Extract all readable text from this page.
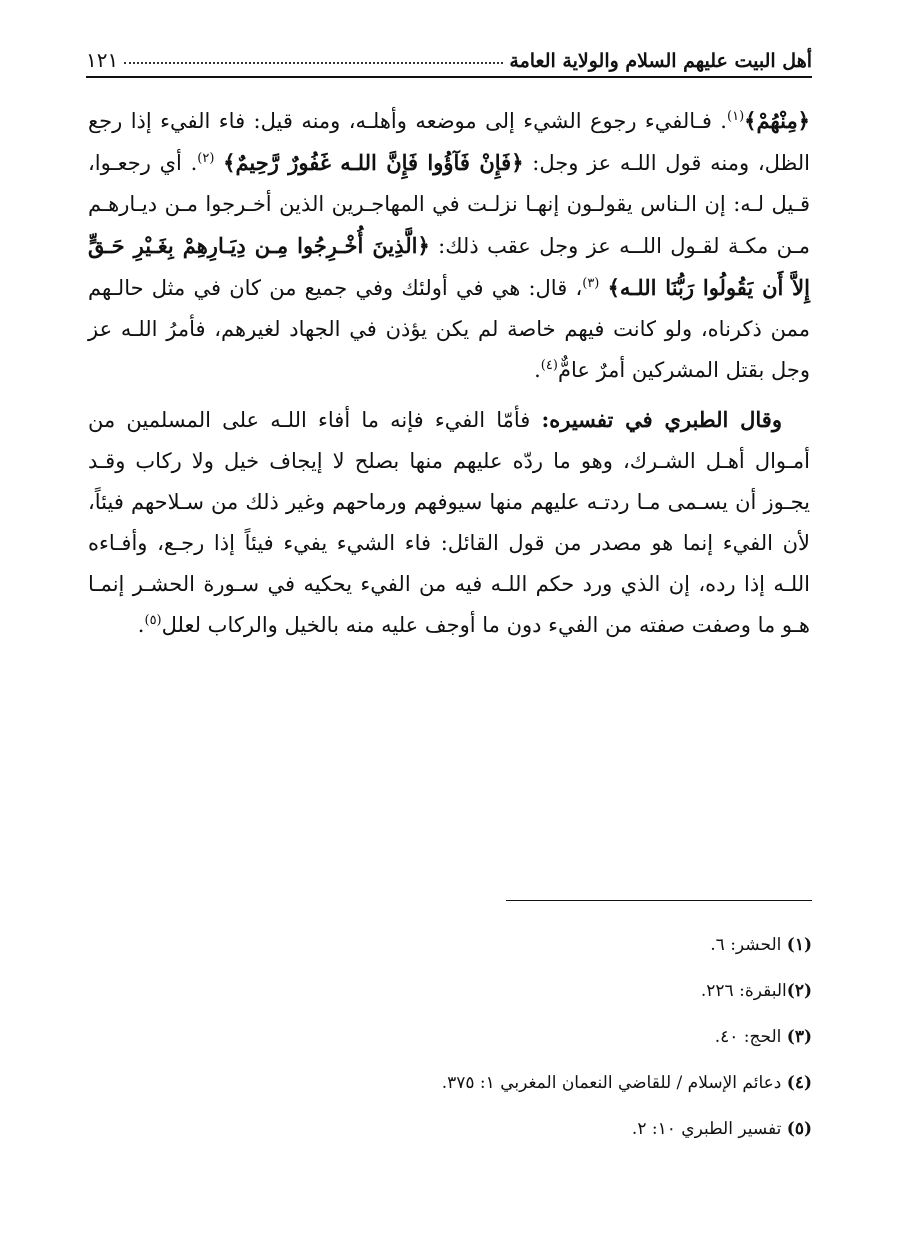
أهل البيت عليهم السلام والولاية العامة
١٢١

﴿مِنْهُمْ﴾$^{(١)}$. فـالفيء رجوع الشيء إلى موضعه وأهلـه، ومنه قيل: فاء الفيء إذا رجع الظل، ومنه قول اللـه عز وجل: ﴿فَإِنْ فَآؤُوا فَإِنَّ اللـه غَفُورٌ رَّحِيمٌ﴾ $^{(٢)}$. أي رجعـوا، قـيل لـه: إن الـناس يقولـون إنهـا نزلـت في المهاجـرين الذين أخـرجوا مـن ديـارهـم مـن مكـة لقـول اللــه عز وجل عقب ذلك: ﴿الَّذِينَ أُخْـرِجُوا مِـن دِيَـارِهِمْ بِغَـيْرِ حَـقٍّ إِلاَّ أَن يَقُولُوا رَبُّنَا اللـه﴾ $^{(٣)}$، قال: هي في أولئك وفي جميع من كان في مثل حالـهم ممن ذكرناه، ولو كانت فيهم خاصة لم يكن يؤذن في الجهاد لغيرهم، فأمرُ اللـه عز وجل بقتل المشركين أمرٌ عامٌّ$^{(٤)}$.

وقال الطبري في تفسيره: فأمّا الفيء فإنه ما أفاء اللـه على المسلمين من أمـوال أهـل الشـرك، وهو ما ردّه عليهم منها بصلح لا إيجاف خيل ولا ركاب وقـد يجـوز أن يسـمى مـا ردتـه عليهم منها سيوفهم ورماحهم وغير ذلك من سـلاحهم فيئاً، لأن الفيء إنما هو مصدر من قول القائل: فاء الشيء يفيء فيئاً إذا رجـع، وأفـاءه اللـه إذا رده، إن الذي ورد حكم اللـه فيه من الفيء يحكيه في سـورة الحشـر إنمـا هـو ما وصفت صفته من الفيء دون ما أوجف عليه منه بالخيل والركاب لعلل$^{(٥)}$.

(١) الحشر: ٦.
(٢)البقرة: ٢٢٦.
(٣) الحج: ٤٠.
(٤) دعائم الإسلام / للقاضي النعمان المغربي ١: ٣٧٥.
(٥) تفسير الطبري ١٠: ٢.
